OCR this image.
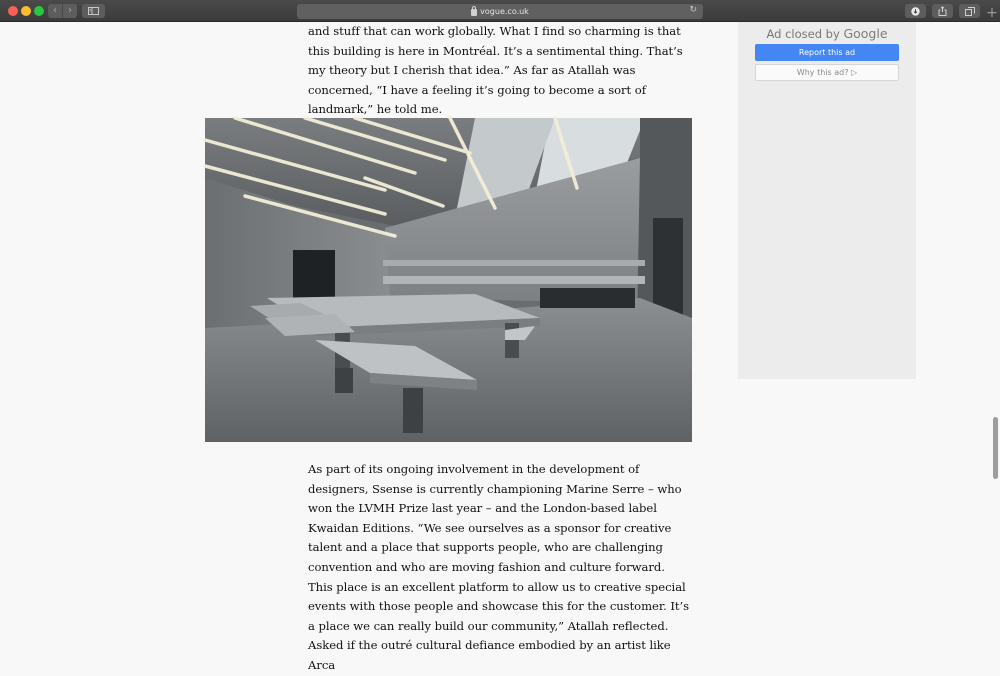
‹	›	vogue.co.uk	↻	+

and stuff that can work globally. What I find so charming is that this building is here in Montréal. It’s a sentimental thing. That’s my theory but I cherish that idea.” As far as Atallah was concerned, “I have a feeling it’s going to become a sort of landmark,” he told me.

As part of its ongoing involvement in the development of designers, Ssense is currently championing Marine Serre – who won the LVMH Prize last year – and the London-based label Kwaidan Editions. “We see ourselves as a sponsor for creative talent and a place that supports people, who are challenging convention and who are moving fashion and culture forward. This place is an excellent platform to allow us to creative special events with those people and showcase this for the customer. It’s a place we can really build our community,” Atallah reflected. Asked if the outré cultural defiance embodied by an artist like Arca

Ad closed by Google
Report this ad
Why this ad? ▷
